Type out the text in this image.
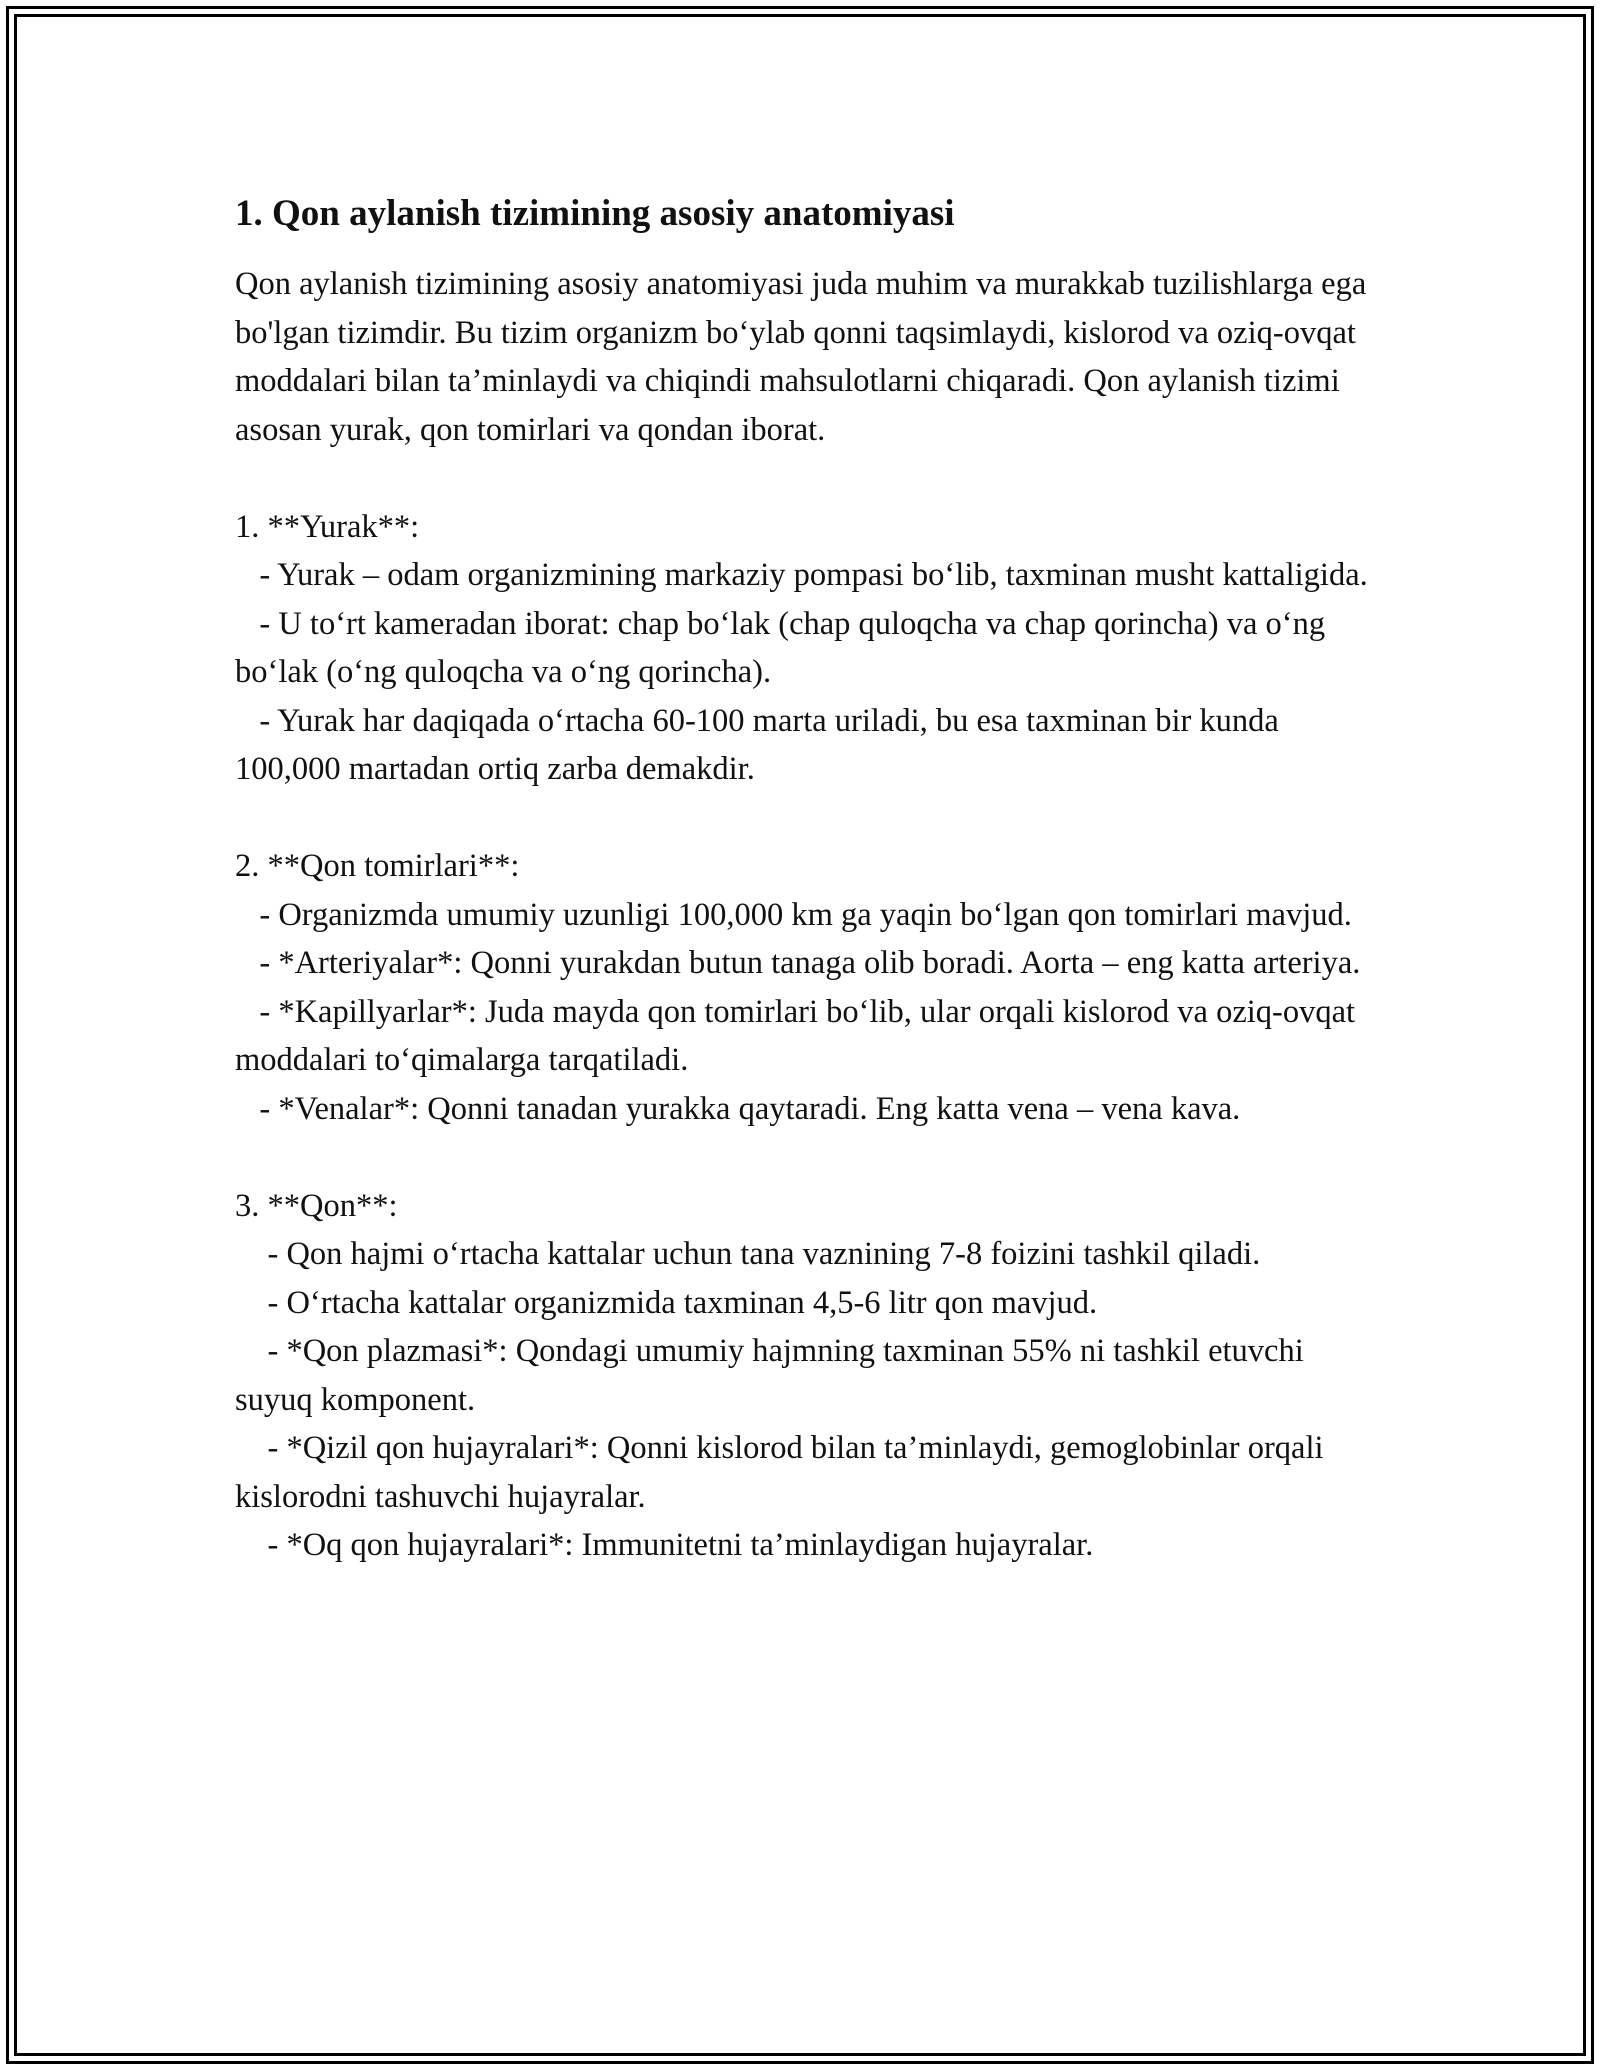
1. Qon aylanish tizimining asosiy anatomiyasi

Qon aylanish tizimining asosiy anatomiyasi juda muhim va murakkab tuzilishlarga ega bo'lgan tizimdir. Bu tizim organizm bo‘ylab qonni taqsimlaydi, kislorod va oziq-ovqat moddalari bilan ta’minlaydi va chiqindi mahsulotlarni chiqaradi. Qon aylanish tizimi asosan yurak, qon tomirlari va qondan iborat.

1. **Yurak**:
- Yurak – odam organizmining markaziy pompasi bo‘lib, taxminan musht kattaligida.
- U to‘rt kameradan iborat: chap bo‘lak (chap quloqcha va chap qorincha) va o‘ng bo‘lak (o‘ng quloqcha va o‘ng qorincha).
- Yurak har daqiqada o‘rtacha 60-100 marta uriladi, bu esa taxminan bir kunda 100,000 martadan ortiq zarba demakdir.
2. **Qon tomirlari**:
- Organizmda umumiy uzunligi 100,000 km ga yaqin bo‘lgan qon tomirlari mavjud.
- *Arteriyalar*: Qonni yurakdan butun tanaga olib boradi. Aorta – eng katta arteriya.
- *Kapillyarlar*: Juda mayda qon tomirlari bo‘lib, ular orqali kislorod va oziq-ovqat moddalari to‘qimalarga tarqatiladi.
- *Venalar*: Qonni tanadan yurakka qaytaradi. Eng katta vena – vena kava.
3. **Qon**:
- Qon hajmi o‘rtacha kattalar uchun tana vaznining 7-8 foizini tashkil qiladi.
- O‘rtacha kattalar organizmida taxminan 4,5-6 litr qon mavjud.
- *Qon plazmasi*: Qondagi umumiy hajmning taxminan 55% ni tashkil etuvchi suyuq komponent.
- *Qizil qon hujayralari*: Qonni kislorod bilan ta’minlaydi, gemoglobinlar orqali kislorodni tashuvchi hujayralar.
- *Oq qon hujayralari*: Immunitetni ta’minlaydigan hujayralar.
